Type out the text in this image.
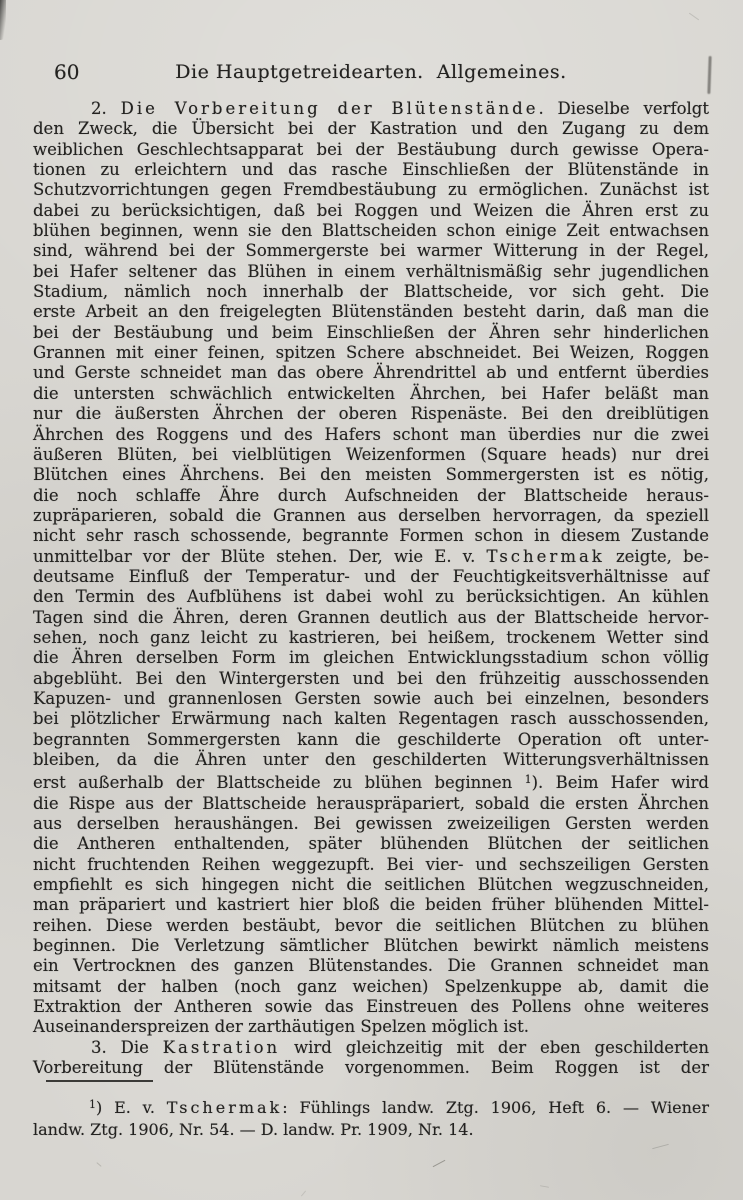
60	Die Hauptgetreidearten.  Allgemeines.
2. Die Vorbereitung der Blütenstände. Dieselbe verfolgt
den Zweck, die Übersicht bei der Kastration und den Zugang zu dem
weiblichen Geschlechtsapparat bei der Bestäubung durch gewisse Opera-
tionen zu erleichtern und das rasche Einschließen der Blütenstände in
Schutzvorrichtungen gegen Fremdbestäubung zu ermöglichen. Zunächst ist
dabei zu berücksichtigen, daß bei Roggen und Weizen die Ähren erst zu
blühen beginnen, wenn sie den Blattscheiden schon einige Zeit entwachsen
sind, während bei der Sommergerste bei warmer Witterung in der Regel,
bei Hafer seltener das Blühen in einem verhältnismäßig sehr jugendlichen
Stadium, nämlich noch innerhalb der Blattscheide, vor sich geht. Die
erste Arbeit an den freigelegten Blütenständen besteht darin, daß man die
bei der Bestäubung und beim Einschließen der Ähren sehr hinderlichen
Grannen mit einer feinen, spitzen Schere abschneidet. Bei Weizen, Roggen
und Gerste schneidet man das obere Ährendrittel ab und entfernt überdies
die untersten schwächlich entwickelten Ährchen, bei Hafer beläßt man
nur die äußersten Ährchen der oberen Rispenäste. Bei den dreiblütigen
Ährchen des Roggens und des Hafers schont man überdies nur die zwei
äußeren Blüten, bei vielblütigen Weizenformen (Square heads) nur drei
Blütchen eines Ährchens. Bei den meisten Sommergersten ist es nötig,
die noch schlaffe Ähre durch Aufschneiden der Blattscheide heraus-
zupräparieren, sobald die Grannen aus derselben hervorragen, da speziell
nicht sehr rasch schossende, begrannte Formen schon in diesem Zustande
unmittelbar vor der Blüte stehen. Der, wie E. v. Tschermak zeigte, be-
deutsame Einfluß der Temperatur- und der Feuchtigkeitsverhältnisse auf
den Termin des Aufblühens ist dabei wohl zu berücksichtigen. An kühlen
Tagen sind die Ähren, deren Grannen deutlich aus der Blattscheide hervor-
sehen, noch ganz leicht zu kastrieren, bei heißem, trockenem Wetter sind
die Ähren derselben Form im gleichen Entwicklungsstadium schon völlig
abgeblüht. Bei den Wintergersten und bei den frühzeitig ausschossenden
Kapuzen- und grannenlosen Gersten sowie auch bei einzelnen, besonders
bei plötzlicher Erwärmung nach kalten Regentagen rasch ausschossenden,
begrannten Sommergersten kann die geschilderte Operation oft unter-
bleiben, da die Ähren unter den geschilderten Witterungsverhältnissen
erst außerhalb der Blattscheide zu blühen beginnen $^1$). Beim Hafer wird
die Rispe aus der Blattscheide herauspräpariert, sobald die ersten Ährchen
aus derselben heraushängen. Bei gewissen zweizeiligen Gersten werden
die Antheren enthaltenden, später blühenden Blütchen der seitlichen
nicht fruchtenden Reihen weggezupft. Bei vier- und sechszeiligen Gersten
empfiehlt es sich hingegen nicht die seitlichen Blütchen wegzuschneiden,
man präpariert und kastriert hier bloß die beiden früher blühenden Mittel-
reihen. Diese werden bestäubt, bevor die seitlichen Blütchen zu blühen
beginnen. Die Verletzung sämtlicher Blütchen bewirkt nämlich meistens
ein Vertrocknen des ganzen Blütenstandes. Die Grannen schneidet man
mitsamt der halben (noch ganz weichen) Spelzenkuppe ab, damit die
Extraktion der Antheren sowie das Einstreuen des Pollens ohne weiteres
Auseinanderspreizen der zarthäutigen Spelzen möglich ist.
3. Die Kastration wird gleichzeitig mit der eben geschilderten
Vorbereitung der Blütenstände vorgenommen. Beim Roggen ist der
$^1$) E. v. Tschermak: Fühlings landw. Ztg. 1906, Heft 6. — Wiener
landw. Ztg. 1906, Nr. 54. — D. landw. Pr. 1909, Nr. 14.
